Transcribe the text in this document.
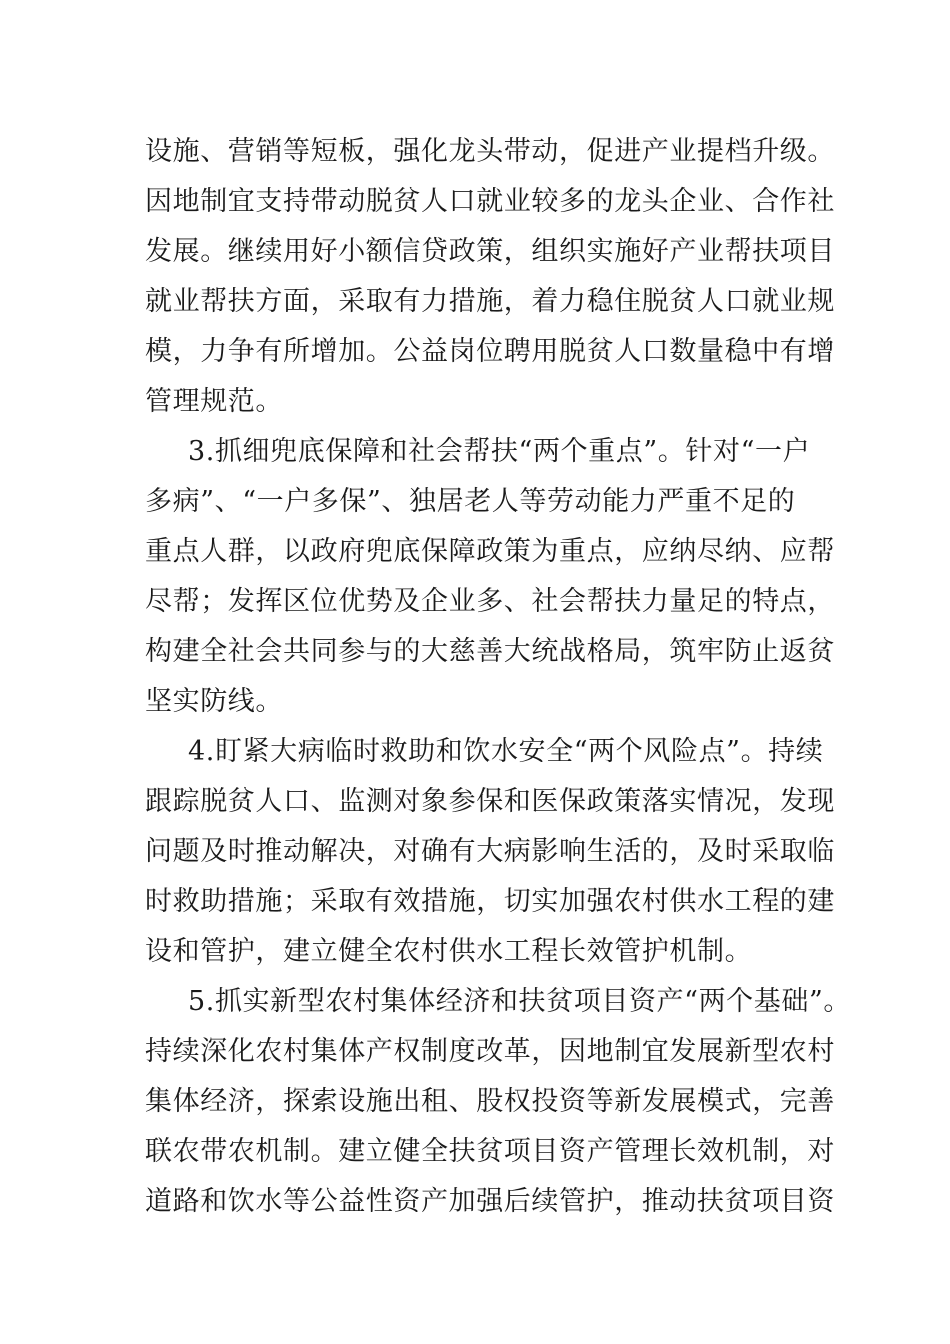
设施、营销等短板，强化龙头带动，促进产业提档升级。
因地制宜支持带动脱贫人口就业较多的龙头企业、合作社
发展。继续用好小额信贷政策，组织实施好产业帮扶项目
就业帮扶方面，采取有力措施，着力稳住脱贫人口就业规
模，力争有所增加。公益岗位聘用脱贫人口数量稳中有增
管理规范。
3.抓细兜底保障和社会帮扶“两个重点”。针对“一户
多病”、“一户多保”、独居老人等劳动能力严重不足的
重点人群，以政府兜底保障政策为重点，应纳尽纳、应帮
尽帮；发挥区位优势及企业多、社会帮扶力量足的特点，
构建全社会共同参与的大慈善大统战格局，筑牢防止返贫
坚实防线。
4.盯紧大病临时救助和饮水安全“两个风险点”。持续
跟踪脱贫人口、监测对象参保和医保政策落实情况，发现
问题及时推动解决，对确有大病影响生活的，及时采取临
时救助措施；采取有效措施，切实加强农村供水工程的建
设和管护，建立健全农村供水工程长效管护机制。
5.抓实新型农村集体经济和扶贫项目资产“两个基础”。
持续深化农村集体产权制度改革，因地制宜发展新型农村
集体经济，探索设施出租、股权投资等新发展模式，完善
联农带农机制。建立健全扶贫项目资产管理长效机制，对
道路和饮水等公益性资产加强后续管护，推动扶贫项目资
